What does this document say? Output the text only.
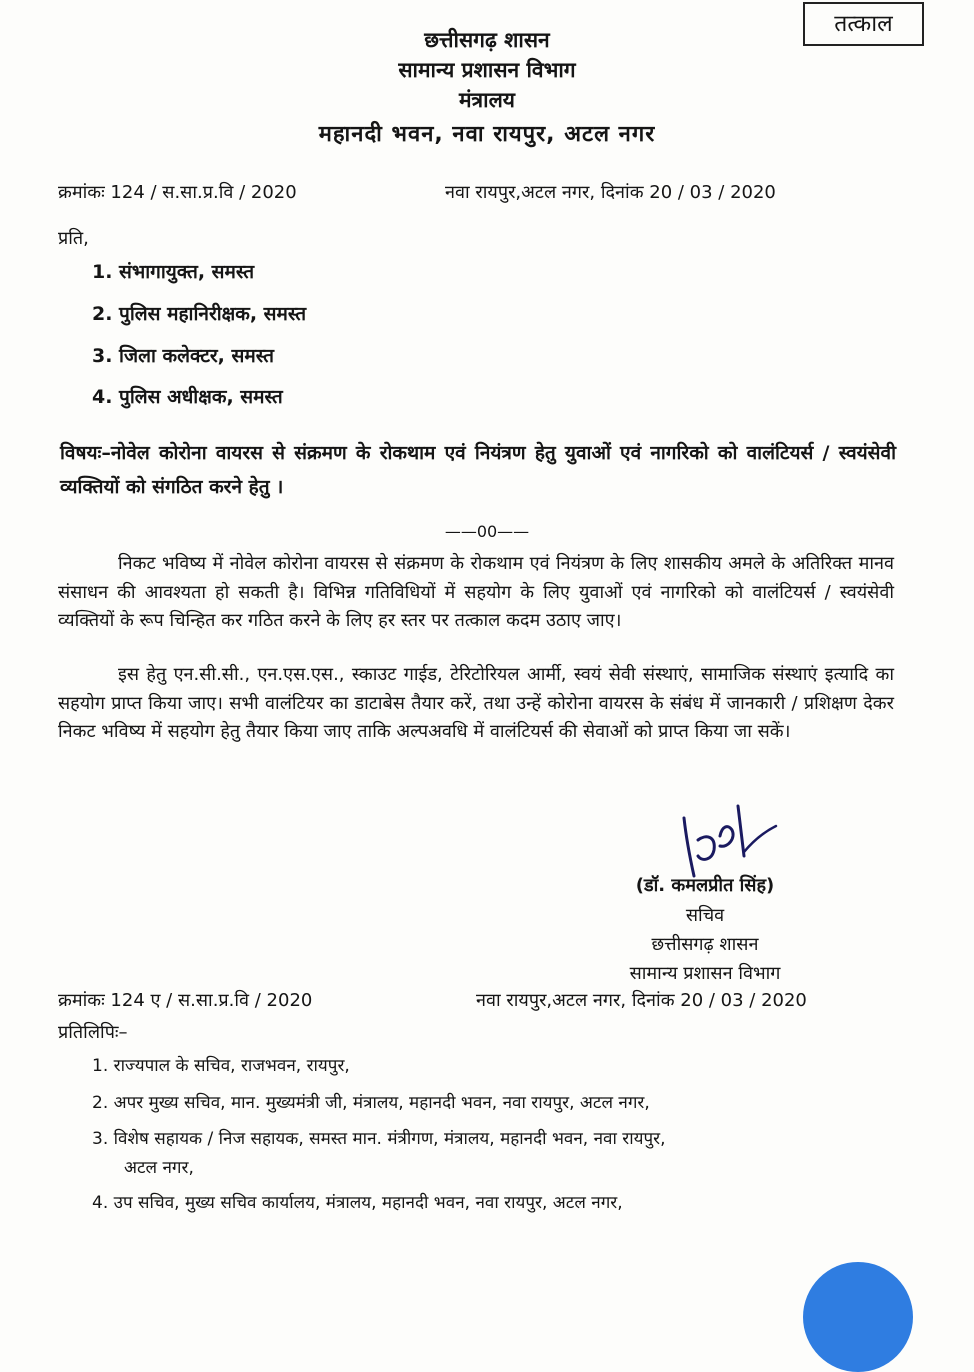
तत्काल
छत्तीसगढ़ शासन
सामान्य प्रशासन विभाग
मंत्रालय
महानदी भवन, नवा रायपुर, अटल नगर
क्रमांकः 124 / स.सा.प्र.वि / 2020	नवा रायपुर,अटल नगर, दिनांक 20 / 03 / 2020
प्रति,
1. संभागायुक्त, समस्त
2. पुलिस महानिरीक्षक, समस्त
3. जिला कलेक्टर, समस्त
4. पुलिस अधीक्षक, समस्त
विषयः–नोवेल कोरोना वायरस से संक्रमण के रोकथाम एवं नियंत्रण हेतु युवाओं एवं नागरिको को वालंटियर्स / स्वयंसेवी व्यक्तियों को संगठित करने हेतु ।
——00——

निकट भविष्य में नोवेल कोरोना वायरस से संक्रमण के रोकथाम एवं नियंत्रण के लिए शासकीय अमले के अतिरिक्त मानव संसाधन की आवश्यता हो सकती है। विभिन्न गतिविधियों में सहयोग के लिए युवाओं एवं नागरिको को वालंटियर्स / स्वयंसेवी व्यक्तियों के रूप चिन्हित कर गठित करने के लिए हर स्तर पर तत्काल कदम उठाए जाए।

इस हेतु एन.सी.सी., एन.एस.एस., स्काउट गाईड, टेरिटोरियल आर्मी, स्वयं सेवी संस्थाएं, सामाजिक संस्थाएं इत्यादि का सहयोग प्राप्त किया जाए। सभी वालंटियर का डाटाबेस तैयार करें, तथा उन्हें कोरोना वायरस के संबंध में जानकारी / प्रशिक्षण देकर निकट भविष्य में सहयोग हेतु तैयार किया जाए ताकि अल्पअवधि में वालंटियर्स की सेवाओं को प्राप्त किया जा सकें।

(डॉ. कमलप्रीत सिंह)
सचिव
छत्तीसगढ़ शासन
सामान्य प्रशासन विभाग
क्रमांकः 124 ए / स.सा.प्र.वि / 2020	नवा रायपुर,अटल नगर, दिनांक 20 / 03 / 2020
प्रतिलिपिः–
1. राज्यपाल के सचिव, राजभवन, रायपुर,
2. अपर मुख्य सचिव, मान. मुख्यमंत्री जी, मंत्रालय, महानदी भवन, नवा रायपुर, अटल नगर,
3. विशेष सहायक / निज सहायक, समस्त मान. मंत्रीगण, मंत्रालय, महानदी भवन, नवा रायपुर,
अटल नगर,
4. उप सचिव, मुख्य सचिव कार्यालय, मंत्रालय, महानदी भवन, नवा रायपुर, अटल नगर,
